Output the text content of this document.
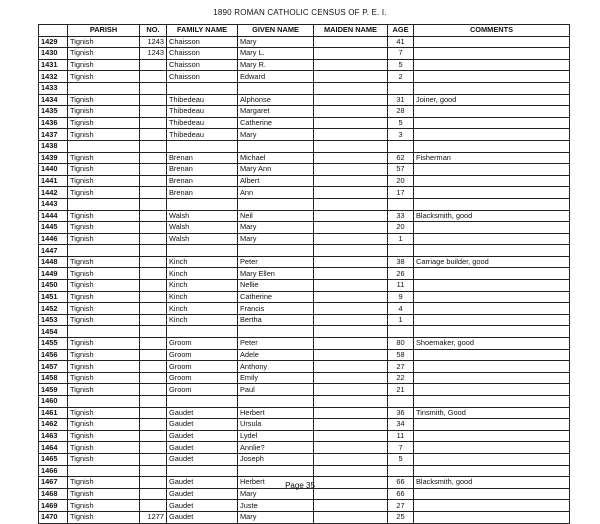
1890 ROMAN CATHOLIC CENSUS OF P. E. I.
	PARISH	NO.	FAMILY NAME	GIVEN NAME	MAIDEN NAME	AGE	COMMENTS
1429	Tignish	1243	Chaisson	Mary		41	
1430	Tignish	1243	Chaisson	Mary L.		7	
1431	Tignish		Chaisson	Mary R.		5	
1432	Tignish		Chaisson	Edward		2	
1433							
1434	Tignish		Thibedeau	Alphonse		31	Joiner, good
1435	Tignish		Thibedeau	Margaret		28	
1436	Tignish		Thibedeau	Catherine		5	
1437	Tignish		Thibedeau	Mary		3	
1438							
1439	Tignish		Brenan	Michael		62	Fisherman
1440	Tignish		Brenan	Mary Ann		57	
1441	Tignish		Brenan	Albert		20	
1442	Tignish		Brenan	Ann		17	
1443							
1444	Tignish		Walsh	Neil		33	Blacksmith, good
1445	Tignish		Walsh	Mary		20	
1446	Tignish		Walsh	Mary		1	
1447							
1448	Tignish		Kinch	Peter		38	Carriage builder, good
1449	Tignish		Kinch	Mary Ellen		26	
1450	Tignish		Kinch	Nellie		11	
1451	Tignish		Kinch	Catherine		9	
1452	Tignish		Kinch	Francis		4	
1453	Tignish		Kinch	Bertha		1	
1454							
1455	Tignish		Groom	Peter		80	Shoemaker, good
1456	Tignish		Groom	Adele		58	
1457	Tignish		Groom	Anthony		27	
1458	Tignish		Groom	Emily		22	
1459	Tignish		Groom	Paul		21	
1460							
1461	Tignish		Gaudet	Herbert		36	Tinsmith, Good
1462	Tignish		Gaudet	Ursula		34	
1463	Tignish		Gaudet	Lydel		11	
1464	Tignish		Gaudet	Annlie?		7	
1465	Tignish		Gaudet	Joseph		5	
1466							
1467	Tignish		Gaudet	Herbert		66	Blacksmith, good
1468	Tignish		Gaudet	Mary		66	
1469	Tignish		Gaudet	Juste		27	
1470	Tignish	1277	Gaudet	Mary		25	
Page 35
